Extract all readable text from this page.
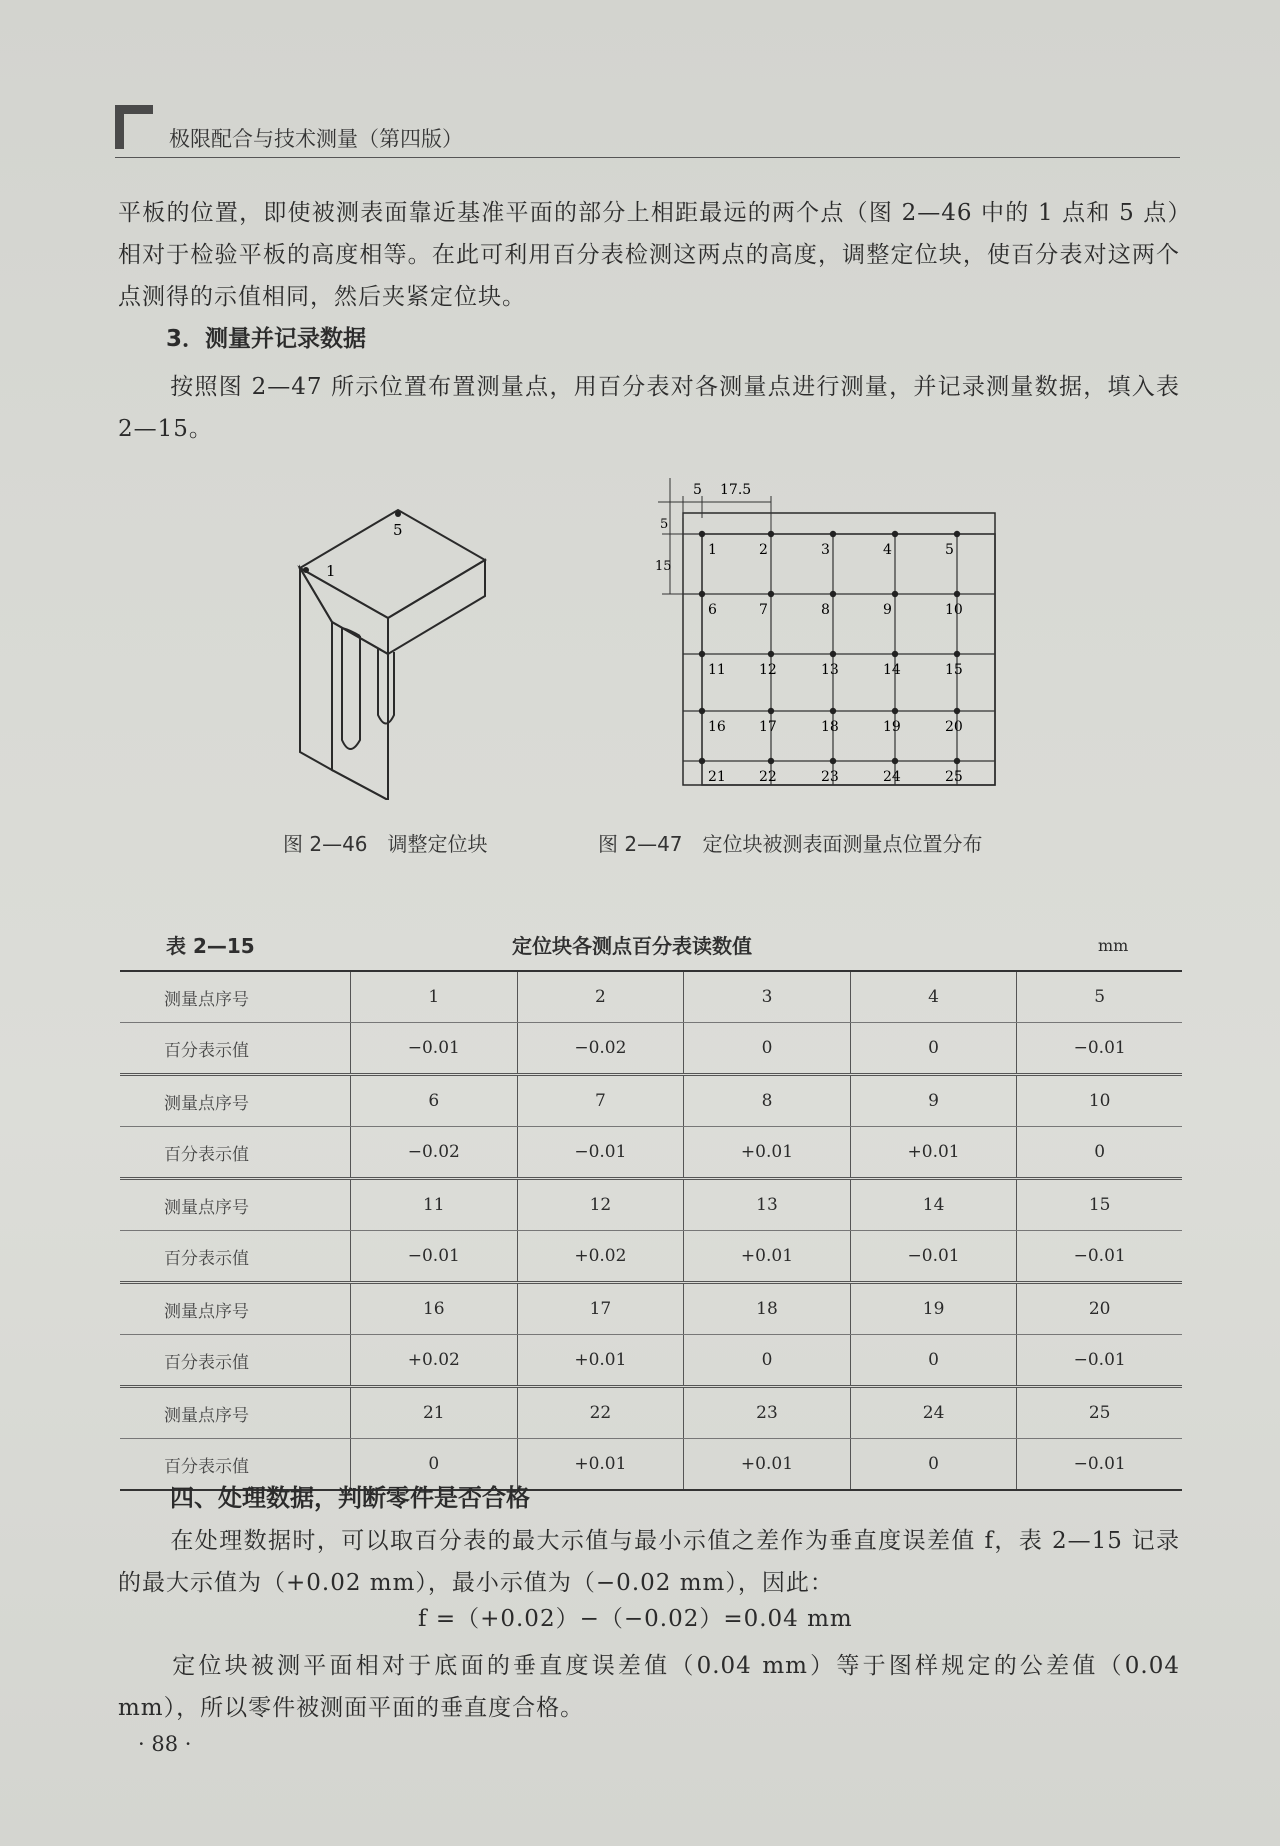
极限配合与技术测量（第四版）

平板的位置，即使被测表面靠近基准平面的部分上相距最远的两个点（图 2—46 中的 1 点和 5 点）相对于检验平板的高度相等。在此可利用百分表检测这两点的高度，调整定位块，使百分表对这两个点测得的示值相同，然后夹紧定位块。

3．测量并记录数据

按照图 2—47 所示位置布置测量点，用百分表对各测量点进行测量，并记录测量数据，填入表 2—15。

1
5
5 17.5
5
15
1	2	3	4	5
6	7	8	9	10
11 12	13	14	15
16 17	18	19	20
21 22	23	24	25
图 2—46　调整定位块	图 2—47　定位块被测表面测量点位置分布
表 2—15	定位块各测点百分表读数值	mm
测量点序号	1	2	3	4	5
百分表示值	−0.01	−0.02	0	0	−0.01
测量点序号	6	7	8	9	10
百分表示值	−0.02	−0.01	+0.01	+0.01	0
测量点序号	11	12	13	14	15
百分表示值	−0.01	+0.02	+0.01	−0.01	−0.01
测量点序号	16	17	18	19	20
百分表示值	+0.02	+0.01	0	0	−0.01
测量点序号	21	22	23	24	25
百分表示值	0	+0.01	+0.01	0	−0.01
四、处理数据，判断零件是否合格

在处理数据时，可以取百分表的最大示值与最小示值之差作为垂直度误差值 f，表 2—15 记录的最大示值为（+0.02 mm），最小示值为（−0.02 mm），因此：

f =（+0.02）−（−0.02）=0.04 mm

定位块被测平面相对于底面的垂直度误差值（0.04 mm）等于图样规定的公差值（0.04 mm），所以零件被测面平面的垂直度合格。

· 88 ·
